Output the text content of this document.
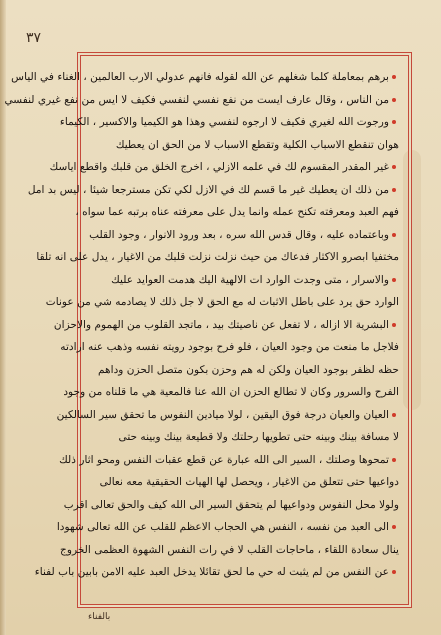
٣٧
برهم بمعاملة كلما شغلهم عن الله لقوله فانهم عدولي الارب العالمين ، الغناء في الياس
من الناس ، وقال عارف ايست من نفع نفسي لنفسي فكيف لا ايس من نفع غيري لنفسي
ورجوت الله لغيري فكيف لا ارجوه لنفسي وهذا هو الكيميا والاكسير ، الكيماء
هوان تنقطع الاسباب الكلية وتقطع الاسباب لا من الحق ان يعطيك
غير المقدر المقسوم لك في علمه الازلي ، اخرج الخلق من قلبك واقطع اياسك
من ذلك ان يعطيك غير ما قسم لك في الازل لكي تكن مسترجعا شيئا ، ليس بد امل
فهم العبد ومعرفته تكنح عمله وانما يدل على معرفته عناه برتبه عما سواه ،
وباعتماده عليه ، وقال قدس الله سره ، بعد ورود الانوار ، وجود القلب
مختفيا ابصرو الاكثار فدعاك من حيث نزلت نزلت قلبك من الاغيار ، يدل على انه تلقا
والاسرار ، متى وجدت الوارد ات الالهية اليك هدمت العوايد عليك
الوارد حق يرد على باطل الاثبات له مع الحق لا جل ذلك لا يصادمه شي من عونات
البشرية الا ازاله ، لا تفعل عن ناصيتك بيد ، ماتجد القلوب من الهموم والاحزان
فلاجل ما منعت من وجود العيان ، فلو فرح بوجود رويته نفسه وذهب عنه ارادته
حظه لظفر بوجود العيان ولكن له هم وحزن بكون متصل الحزن وداهم
الفرح والسرور وكان لا تطالع الحزن ان الله عنا فالمعية هي ما قلناه من وجود
العيان والعيان درجة فوق اليقين ، لولا ميادين النفوس ما تحقق سير السالكين
لا مسافة بينك وبينه حتى تطويها رحلتك ولا قطيعة بينك وبينه حتى
تمحوها وصلتك ، السير الى الله عبارة عن قطع عقبات النفس ومحو اثار ذلك
دواعيها حتى تتعلق من الاغيار ، ويحصل لها الهيات الحقيقية معه نعالى
ولولا محل النفوس ودواعيها لم يتحقق السير الى الله كيف والحق تعالى اقرب
الى العبد من نفسه ، النفس هي الحجاب الاعظم للقلب عن الله تعالى شهودا
ينال سعادة اللقاء ، ماحاجات القلب لا في رات النفس الشهوة العظمى الخروج
عن النفس من لم يثبت له حي ما لحق تقائلا يدخل العبد عليه الامن بابين باب لفناء
بالفناء
